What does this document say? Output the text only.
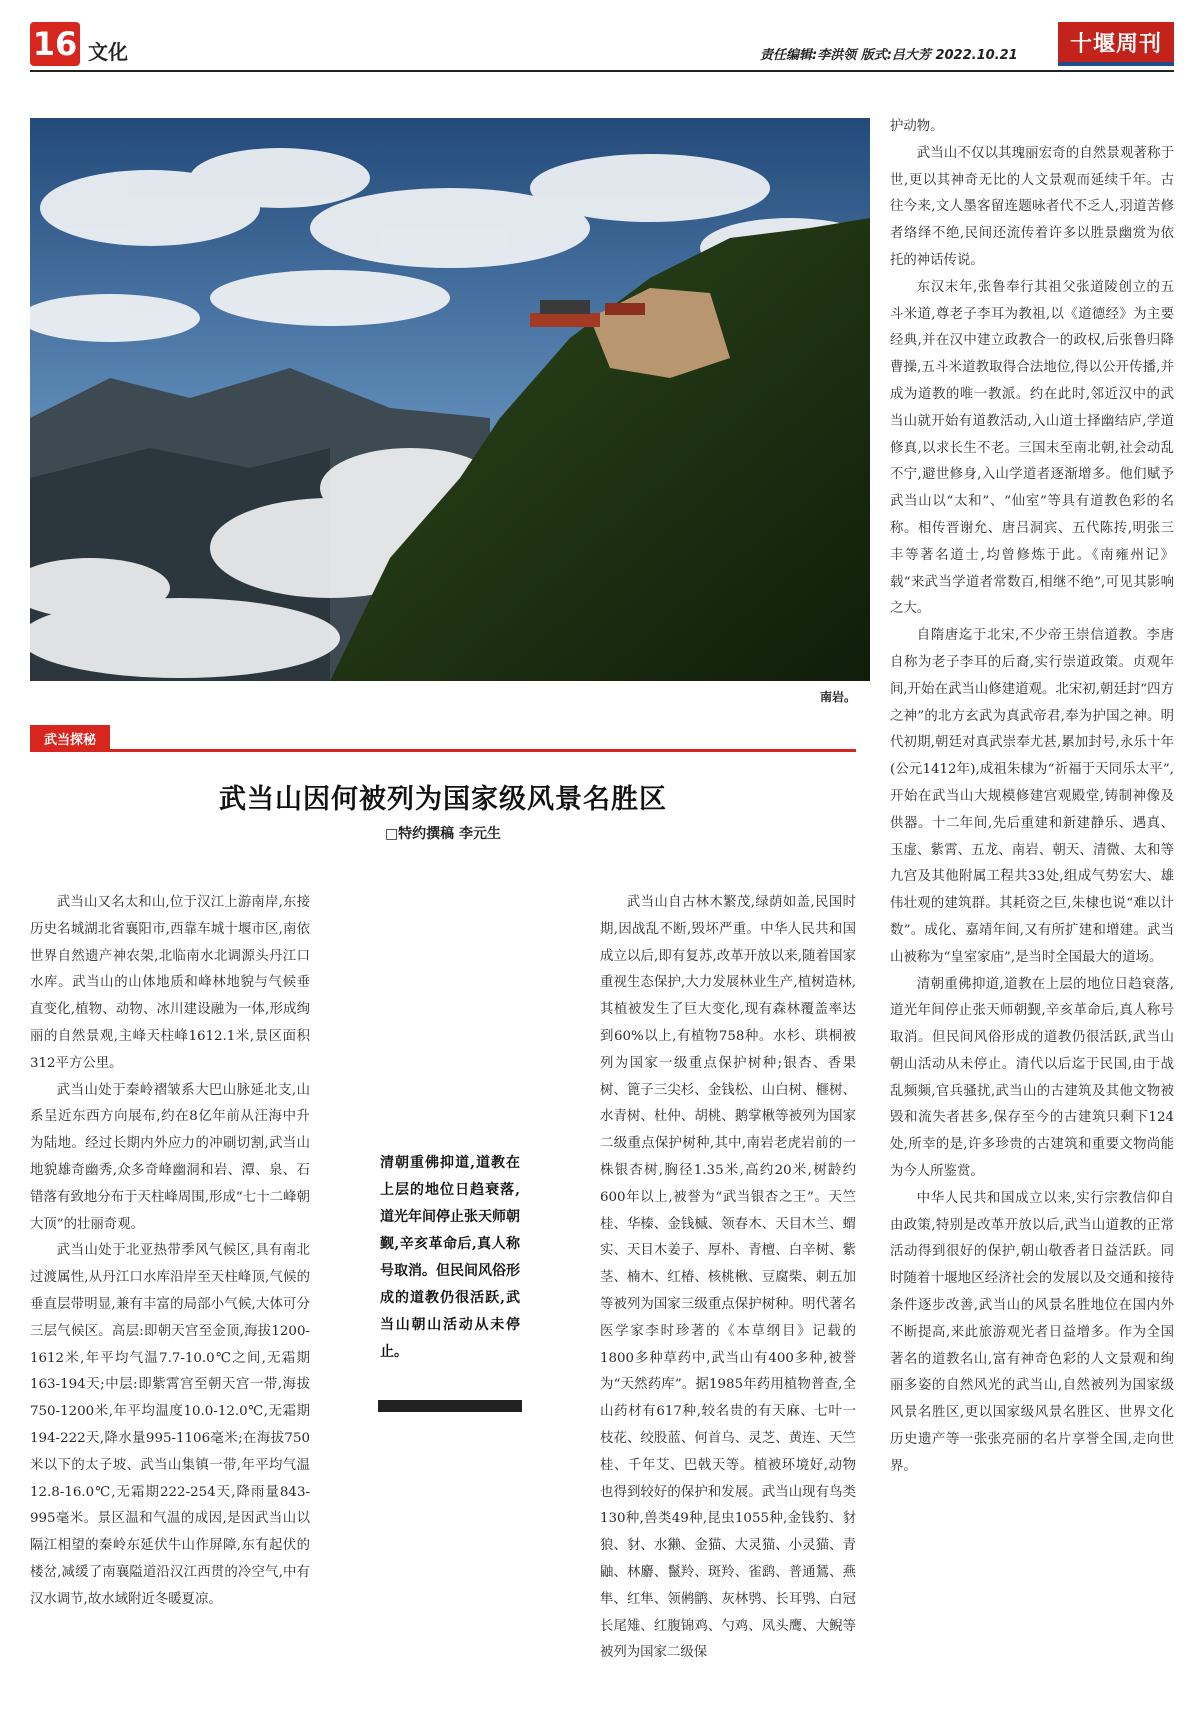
16 文化	责任编辑:李洪领 版式:吕大芳 2022.10.21	十堰周刊
南岩。
武当探秘
武当山因何被列为国家级风景名胜区
□特约撰稿 李元生

武当山又名太和山,位于汉江上游南岸,东接历史名城湖北省襄阳市,西靠车城十堰市区,南依世界自然遗产神农架,北临南水北调源头丹江口水库。武当山的山体地质和峰林地貌与气候垂直变化,植物、动物、冰川建设融为一体,形成绚丽的自然景观,主峰天柱峰1612.1米,景区面积312平方公里。

武当山处于秦岭褶皱系大巴山脉延北支,山系呈近东西方向展布,约在8亿年前从汪海中升为陆地。经过长期内外应力的冲刷切割,武当山地貌雄奇幽秀,众多奇峰幽洞和岩、潭、泉、石错落有致地分布于天柱峰周围,形成“七十二峰朝大顶”的壮丽奇观。

武当山处于北亚热带季风气候区,具有南北过渡属性,从丹江口水库沿岸至天柱峰顶,气候的垂直层带明显,兼有丰富的局部小气候,大体可分三层气候区。高层:即朝天宫至金顶,海拔1200-1612米,年平均气温7.7-10.0℃之间,无霜期163-194天;中层:即紫霄宫至朝天宫一带,海拔750-1200米,年平均温度10.0-12.0℃,无霜期194-222天,降水量995-1106毫米;在海拔750米以下的太子坡、武当山集镇一带,年平均气温12.8-16.0℃,无霜期222-254天,降雨量843-995毫米。景区温和气温的成因,是因武当山以隔江相望的秦岭东延伏牛山作屏障,东有起伏的楼岔,减缓了南襄隘道沿汉江西贯的冷空气,中有汉水调节,故水域附近冬暖夏凉。

清朝重佛抑道,道教在上层的地位日趋衰落,道光年间停止张天师朝觐,辛亥革命后,真人称号取消。但民间风俗形成的道教仍很活跃,武当山朝山活动从未停止。

武当山自古林木繁茂,绿荫如盖,民国时期,因战乱不断,毁坏严重。中华人民共和国成立以后,即有复苏,改革开放以来,随着国家重视生态保护,大力发展林业生产,植树造林,其植被发生了巨大变化,现有森林覆盖率达到60%以上,有植物758种。水杉、珙桐被列为国家一级重点保护树种;银杏、香果树、篦子三尖杉、金钱松、山白树、榧树、水青树、杜仲、胡桃、鹅掌楸等被列为国家二级重点保护树种,其中,南岩老虎岩前的一株银杏树,胸径1.35米,高约20米,树龄约600年以上,被誉为“武当银杏之王”。天竺桂、华榛、金钱槭、领春木、天目木兰、蝟实、天目木姜子、厚朴、青檀、白辛树、紫茎、楠木、红椿、核桃楸、豆腐柴、刺五加等被列为国家三级重点保护树种。明代著名医学家李时珍著的《本草纲目》记载的1800多种草药中,武当山有400多种,被誉为“天然药库”。据1985年药用植物普查,全山药材有617种,较名贵的有天麻、七叶一枝花、绞股蓝、何首乌、灵芝、黄连、天竺桂、千年艾、巴戟天等。植被环境好,动物也得到较好的保护和发展。武当山现有鸟类130种,兽类49种,昆虫1055种,金钱豹、豺狼、豺、水獭、金猫、大灵猫、小灵猫、青鼬、林麝、鬣羚、斑羚、雀鹞、普通鵟、燕隼、红隼、领鸺鹠、灰林鸮、长耳鸮、白冠长尾雉、红腹锦鸡、勺鸡、凤头鹰、大鲵等被列为国家二级保

护动物。

武当山不仅以其瑰丽宏奇的自然景观著称于世,更以其神奇无比的人文景观而延续千年。古往今来,文人墨客留连题咏者代不乏人,羽道苦修者络绎不绝,民间还流传着许多以胜景幽赏为依托的神话传说。

东汉末年,张鲁奉行其祖父张道陵创立的五斗米道,尊老子李耳为教祖,以《道德经》为主要经典,并在汉中建立政教合一的政权,后张鲁归降曹操,五斗米道教取得合法地位,得以公开传播,并成为道教的唯一教派。约在此时,邻近汉中的武当山就开始有道教活动,入山道士择幽结庐,学道修真,以求长生不老。三国末至南北朝,社会动乱不宁,避世修身,入山学道者逐渐增多。他们赋予武当山以“太和”、“仙室”等具有道教色彩的名称。相传晋谢允、唐吕洞宾、五代陈抟,明张三丰等著名道士,均曾修炼于此。《南雍州记》载“来武当学道者常数百,相继不绝”,可见其影响之大。

自隋唐迄于北宋,不少帝王崇信道教。李唐自称为老子李耳的后裔,实行崇道政策。贞观年间,开始在武当山修建道观。北宋初,朝廷封“四方之神”的北方玄武为真武帝君,奉为护国之神。明代初期,朝廷对真武崇奉尤甚,累加封号,永乐十年(公元1412年),成祖朱棣为“祈福于天同乐太平”,开始在武当山大规模修建宫观殿堂,铸制神像及供器。十二年间,先后重建和新建静乐、遇真、玉虚、紫霄、五龙、南岩、朝天、清微、太和等九宫及其他附属工程共33处,组成气势宏大、雄伟壮观的建筑群。其耗资之巨,朱棣也说“难以计数”。成化、嘉靖年间,又有所扩建和增建。武当山被称为“皇室家庙”,是当时全国最大的道场。

清朝重佛抑道,道教在上层的地位日趋衰落,道光年间停止张天师朝觐,辛亥革命后,真人称号取消。但民间风俗形成的道教仍很活跃,武当山朝山活动从未停止。清代以后迄于民国,由于战乱频频,官兵骚扰,武当山的古建筑及其他文物被毁和流失者甚多,保存至今的古建筑只剩下124处,所幸的是,许多珍贵的古建筑和重要文物尚能为今人所鉴赏。

中华人民共和国成立以来,实行宗教信仰自由政策,特别是改革开放以后,武当山道教的正常活动得到很好的保护,朝山敬香者日益活跃。同时随着十堰地区经济社会的发展以及交通和接待条件逐步改善,武当山的风景名胜地位在国内外不断提高,来此旅游观光者日益增多。作为全国著名的道教名山,富有神奇色彩的人文景观和绚丽多姿的自然风光的武当山,自然被列为国家级风景名胜区,更以国家级风景名胜区、世界文化历史遗产等一张张亮丽的名片享誉全国,走向世界。
